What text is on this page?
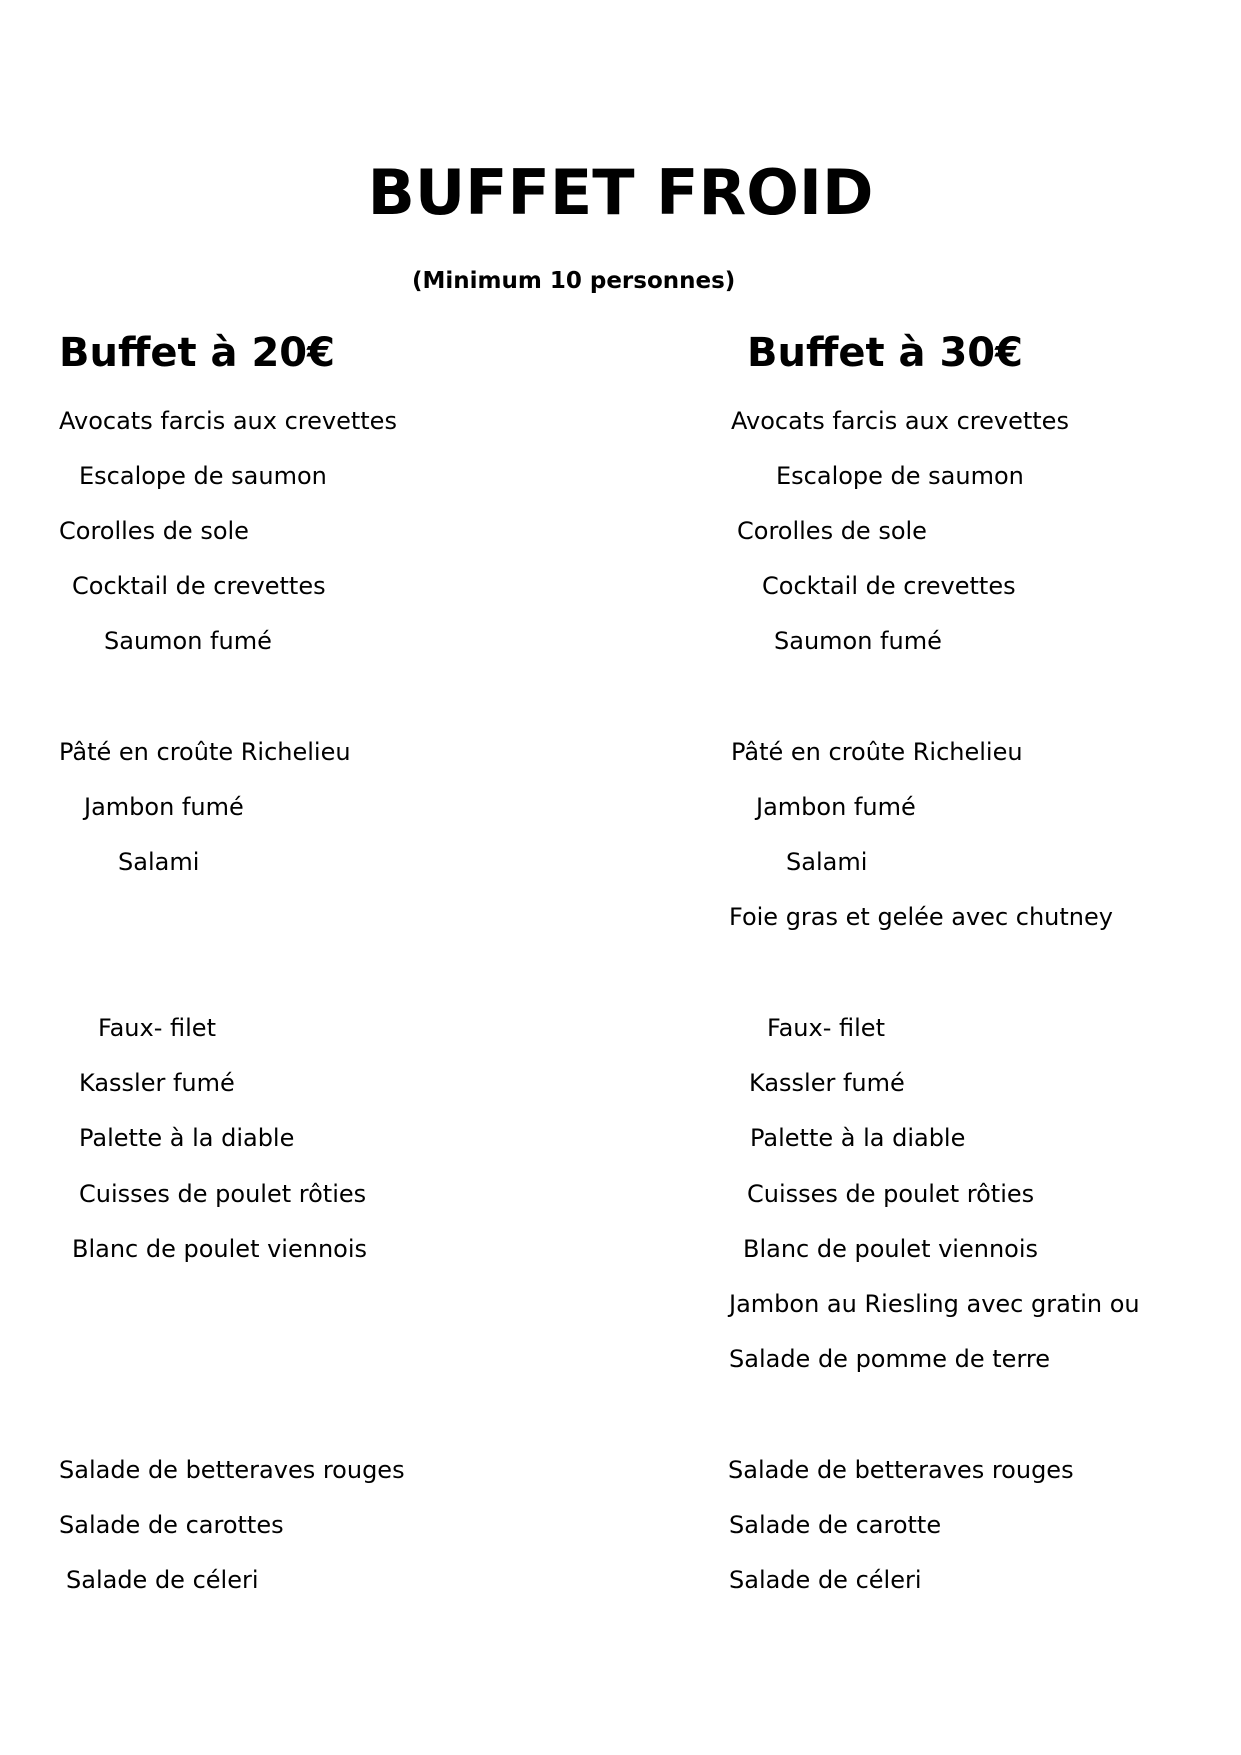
BUFFET FROID

(Minimum 10 personnes)

Buffet à 20€	Buffet à 30€

Avocats farcis aux crevettes

Escalope de saumon

Corolles de sole

Cocktail de crevettes

Saumon fumé

Pâté en croûte Richelieu

Jambon fumé

Salami

Faux- filet

Kassler fumé

Palette à la diable

Cuisses de poulet rôties

Blanc de poulet viennois

Salade de betteraves rouges

Salade de carottes

Salade de céleri

Avocats farcis aux crevettes

Escalope de saumon

Corolles de sole

Cocktail de crevettes

Saumon fumé

Pâté en croûte Richelieu

Jambon fumé

Salami

Foie gras et gelée avec chutney

Faux- filet

Kassler fumé

Palette à la diable

Cuisses de poulet rôties

Blanc de poulet viennois

Jambon au Riesling avec gratin ou

Salade de pomme de terre

Salade de betteraves rouges

Salade de carotte

Salade de céleri
